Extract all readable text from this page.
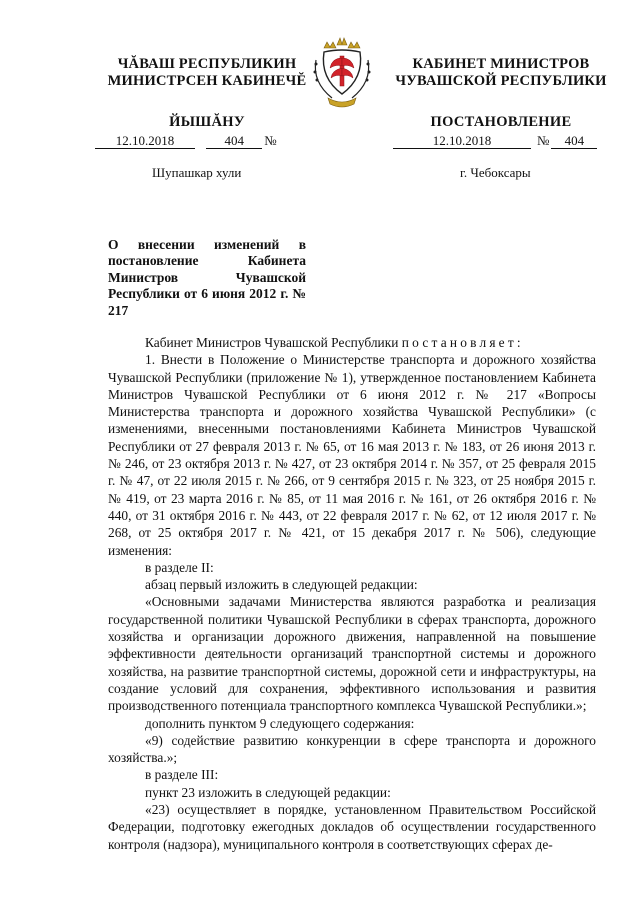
ЧĂВАШ РЕСПУБЛИКИН
МИНИСТРСЕН КАБИНЕЧĔ
ЙЫШĂНУ
КАБИНЕТ МИНИСТРОВ
ЧУВАШСКОЙ РЕСПУБЛИКИ
ПОСТАНОВЛЕНИЕ
12.10.2018	404 №	12.10.2018	№ 404
Шупашкар хули	г. Чебоксары
О внесении изменений в постановление Кабинета Министров Чувашской Республики от 6 июня 2012 г. № 217

Кабинет Министров Чувашской Республики постановляет:

1. Внести в Положение о Министерстве транспорта и дорожного хозяйства Чувашской Республики (приложение № 1), утвержденное постановлением Кабинета Министров Чувашской Республики от 6 июня 2012 г. № 217 «Вопросы Министерства транспорта и дорожного хозяйства Чувашской Республики» (с изменениями, внесенными постановлениями Кабинета Министров Чувашской Республики от 27 февраля 2013 г. № 65, от 16 мая 2013 г. № 183, от 26 июня 2013 г. № 246, от 23 октября 2013 г. № 427, от 23 октября 2014 г. № 357, от 25 февраля 2015 г. № 47, от 22 июля 2015 г. № 266, от 9 сентября 2015 г. № 323, от 25 ноября 2015 г. № 419, от 23 марта 2016 г. № 85, от 11 мая 2016 г. № 161, от 26 октября 2016 г. № 440, от 31 октября 2016 г. № 443, от 22 февраля 2017 г. № 62, от 12 июля 2017 г. № 268, от 25 октября 2017 г. № 421, от 15 декабря 2017 г. № 506), следующие изменения:

в разделе II:

абзац первый изложить в следующей редакции:

«Основными задачами Министерства являются разработка и реализация государственной политики Чувашской Республики в сферах транспорта, дорожного хозяйства и организации дорожного движения, направленной на повышение эффективности деятельности организаций транспортной системы и дорожного хозяйства, на развитие транспортной системы, дорожной сети и инфраструктуры, на создание условий для сохранения, эффективного использования и развития производственного потенциала транспортного комплекса Чувашской Республики.»;

дополнить пунктом 9 следующего содержания:

«9) содействие развитию конкуренции в сфере транспорта и дорожного хозяйства.»;

в разделе III:

пункт 23 изложить в следующей редакции:

«23) осуществляет в порядке, установленном Правительством Российской Федерации, подготовку ежегодных докладов об осуществлении государственного контроля (надзора), муниципального контроля в соответствующих сферах де-
